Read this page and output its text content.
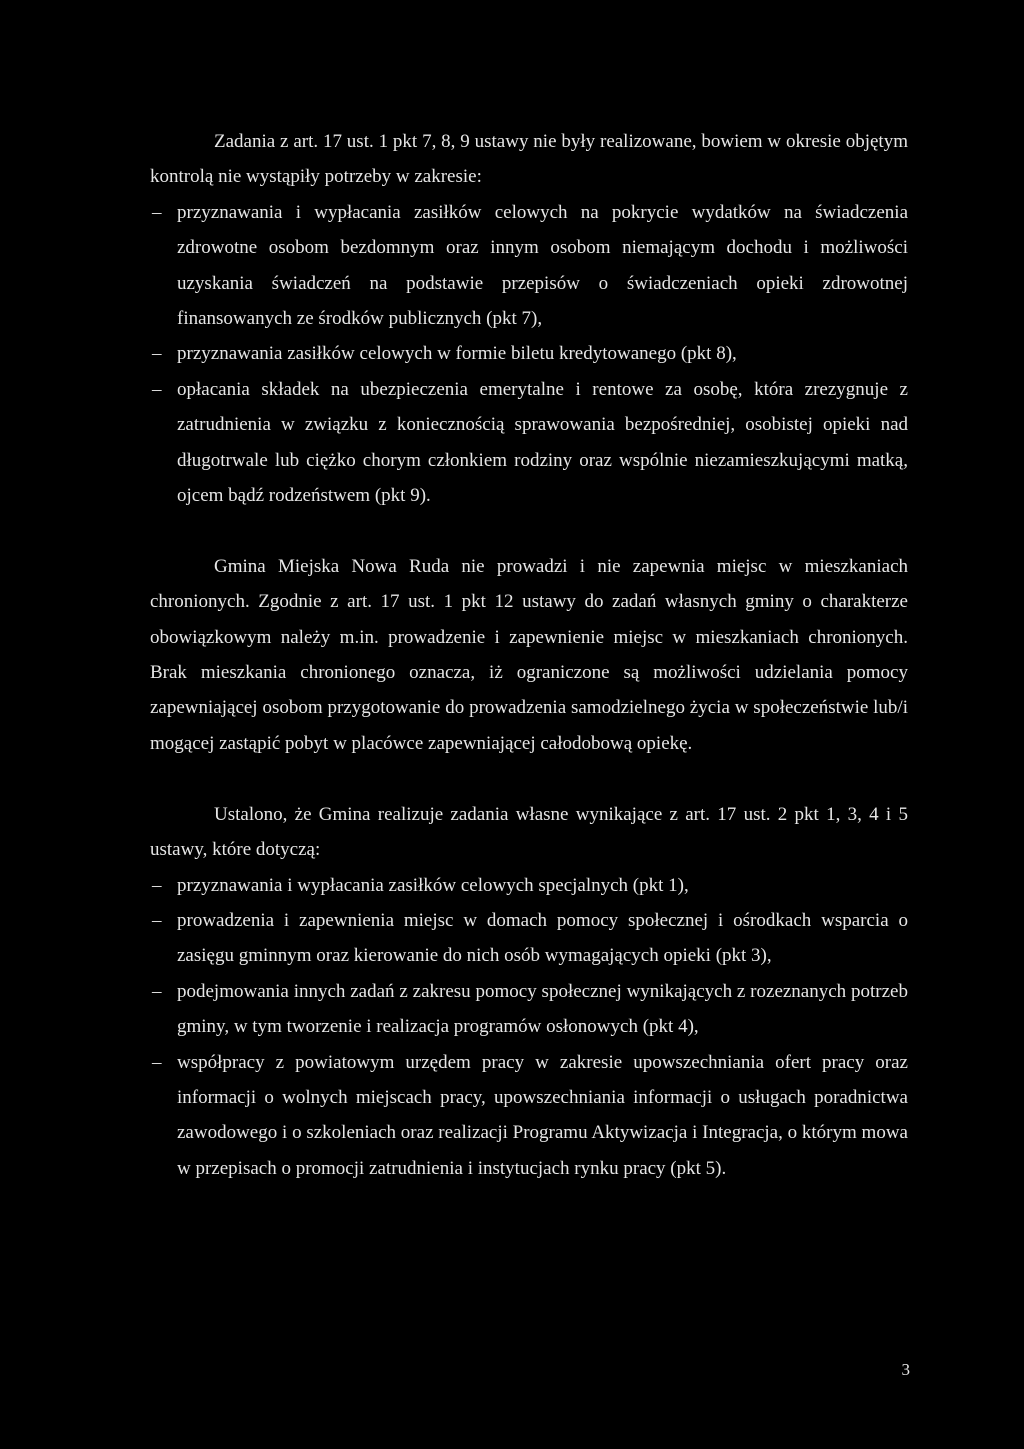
Zadania z art. 17 ust. 1 pkt 7, 8, 9 ustawy nie były realizowane, bowiem w okresie objętym kontrolą nie wystąpiły potrzeby w zakresie:

– przyznawania i wypłacania zasiłków celowych na pokrycie wydatków na świadczenia zdrowotne osobom bezdomnym oraz innym osobom niemającym dochodu i możliwości uzyskania świadczeń na podstawie przepisów o świadczeniach opieki zdrowotnej finansowanych ze środków publicznych (pkt 7),
– przyznawania zasiłków celowych w formie biletu kredytowanego (pkt 8),
– opłacania składek na ubezpieczenia emerytalne i rentowe za osobę, która zrezygnuje z zatrudnienia w związku z koniecznością sprawowania bezpośredniej, osobistej opieki nad długotrwale lub ciężko chorym członkiem rodziny oraz wspólnie niezamieszkującymi matką, ojcem bądź rodzeństwem (pkt 9).

Gmina Miejska Nowa Ruda nie prowadzi i nie zapewnia miejsc w mieszkaniach chronionych. Zgodnie z art. 17 ust. 1 pkt 12 ustawy do zadań własnych gminy o charakterze obowiązkowym należy m.in. prowadzenie i zapewnienie miejsc w mieszkaniach chronionych. Brak mieszkania chronionego oznacza, iż ograniczone są możliwości udzielania pomocy zapewniającej osobom przygotowanie do prowadzenia samodzielnego życia w społeczeństwie lub/i mogącej zastąpić pobyt w placówce zapewniającej całodobową opiekę.

Ustalono, że Gmina realizuje zadania własne wynikające z art. 17 ust. 2 pkt 1, 3, 4 i 5 ustawy, które dotyczą:

– przyznawania i wypłacania zasiłków celowych specjalnych (pkt 1),
– prowadzenia i zapewnienia miejsc w domach pomocy społecznej i ośrodkach wsparcia o zasięgu gminnym oraz kierowanie do nich osób wymagających opieki (pkt 3),
– podejmowania innych zadań z zakresu pomocy społecznej wynikających z rozeznanych potrzeb gminy, w tym tworzenie i realizacja programów osłonowych (pkt 4),
– współpracy z powiatowym urzędem pracy w zakresie upowszechniania ofert pracy oraz informacji o wolnych miejscach pracy, upowszechniania informacji o usługach poradnictwa zawodowego i o szkoleniach oraz realizacji Programu Aktywizacja i Integracja, o którym mowa w przepisach o promocji zatrudnienia i instytucjach rynku pracy (pkt 5).
3
